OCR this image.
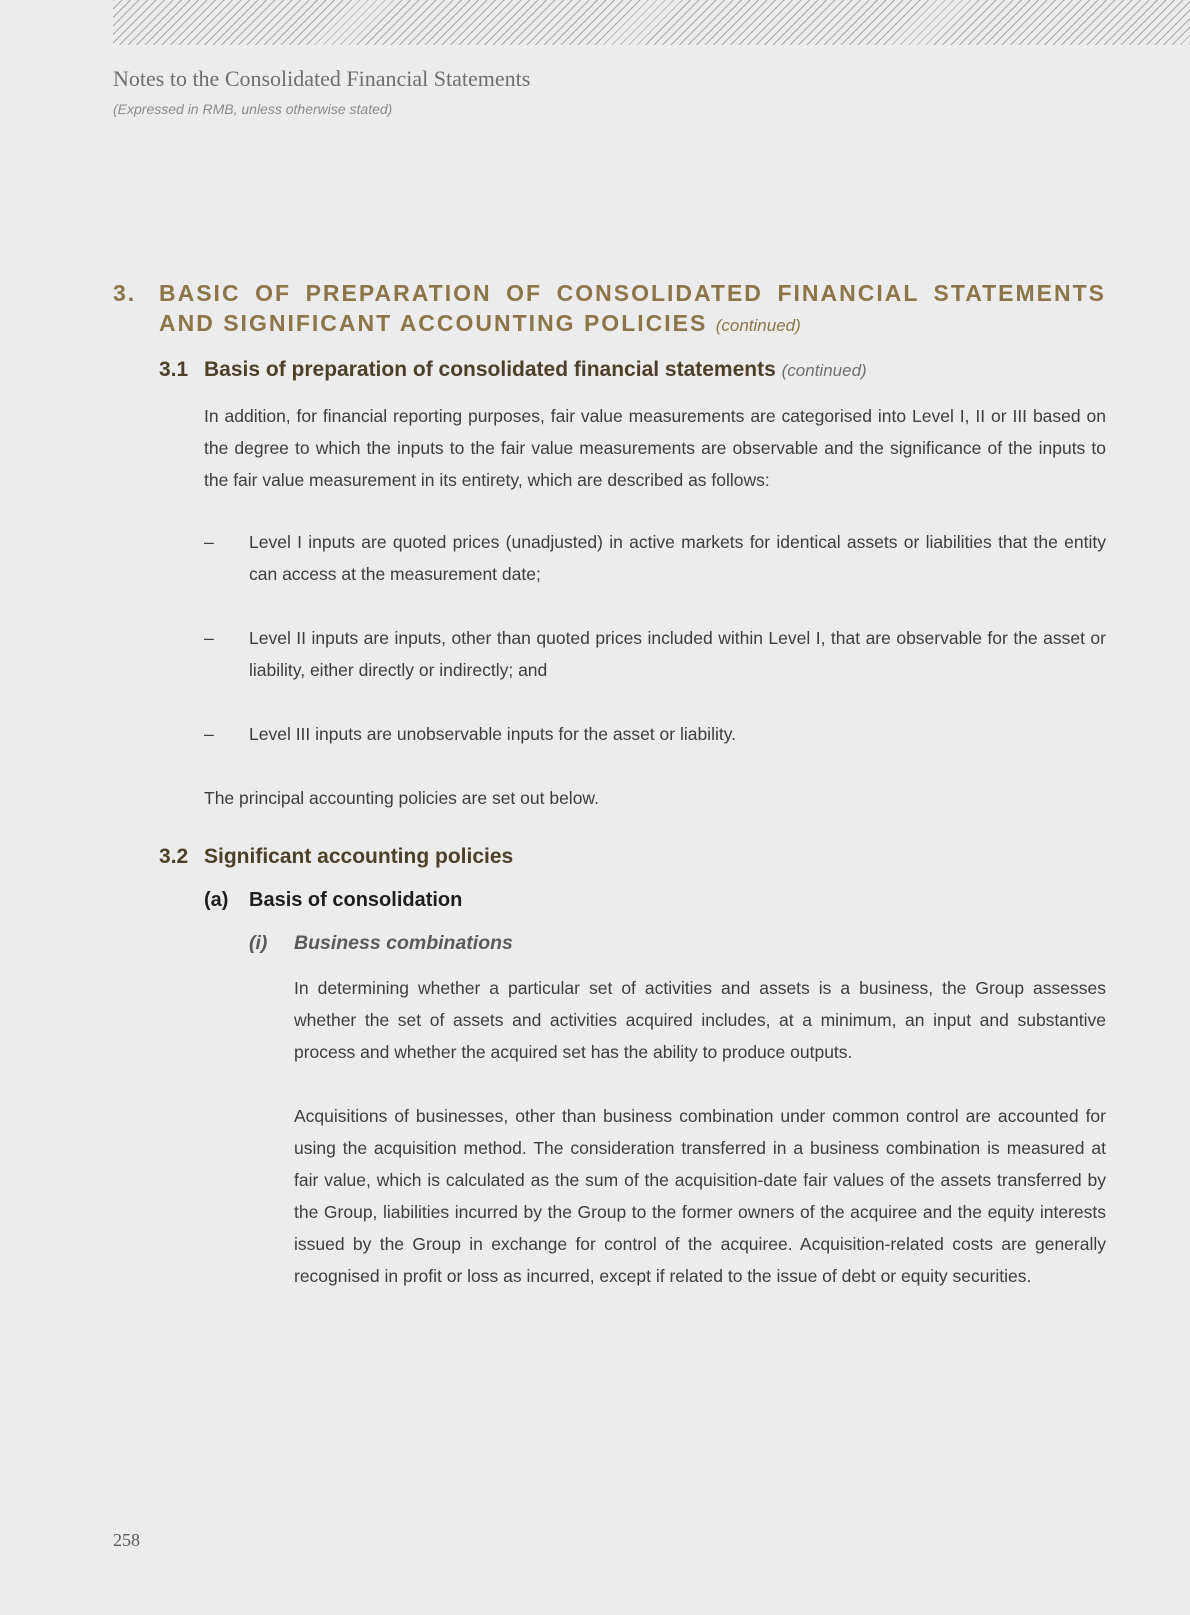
Notes to the Consolidated Financial Statements
(Expressed in RMB, unless otherwise stated)
3. BASIC OF PREPARATION OF CONSOLIDATED FINANCIAL STATEMENTS AND SIGNIFICANT ACCOUNTING POLICIES (continued)
3.1 Basis of preparation of consolidated financial statements (continued)

In addition, for financial reporting purposes, fair value measurements are categorised into Level I, II or III based on the degree to which the inputs to the fair value measurements are observable and the significance of the inputs to the fair value measurement in its entirety, which are described as follows:

–	Level I inputs are quoted prices (unadjusted) in active markets for identical assets or liabilities that the entity can access at the measurement date;
–	Level II inputs are inputs, other than quoted prices included within Level I, that are observable for the asset or liability, either directly or indirectly; and
–	Level III inputs are unobservable inputs for the asset or liability.

The principal accounting policies are set out below.

3.2 Significant accounting policies
(a)	Basis of consolidation
(i)	Business combinations

In determining whether a particular set of activities and assets is a business, the Group assesses whether the set of assets and activities acquired includes, at a minimum, an input and substantive process and whether the acquired set has the ability to produce outputs.

Acquisitions of businesses, other than business combination under common control are accounted for using the acquisition method. The consideration transferred in a business combination is measured at fair value, which is calculated as the sum of the acquisition-date fair values of the assets transferred by the Group, liabilities incurred by the Group to the former owners of the acquiree and the equity interests issued by the Group in exchange for control of the acquiree. Acquisition-related costs are generally recognised in profit or loss as incurred, except if related to the issue of debt or equity securities.

258
